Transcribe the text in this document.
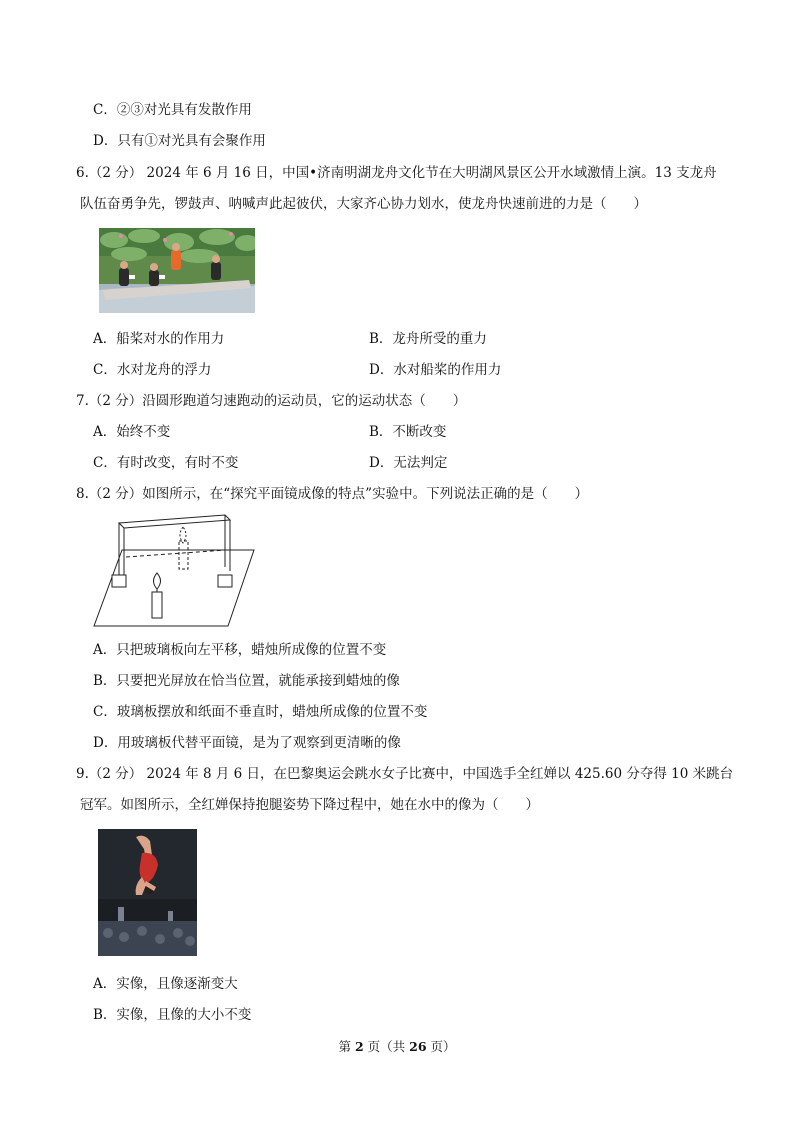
C．②③对光具有发散作用
D．只有①对光具有会聚作用
6.（2 分） 2024 年 6 月 16 日，中国•济南明湖龙舟文化节在大明湖风景区公开水域激情上演。13 支龙舟
队伍奋勇争先，锣鼓声、呐喊声此起彼伏，大家齐心协力划水，使龙舟快速前进的力是（　　）
A．船桨对水的作用力	B．龙舟所受的重力
C．水对龙舟的浮力	D．水对船桨的作用力
7.（2 分）沿圆形跑道匀速跑动的运动员，它的运动状态（　　）
A．始终不变	B．不断改变
C．有时改变，有时不变	D．无法判定
8.（2 分）如图所示，在“探究平面镜成像的特点”实验中。下列说法正确的是（　　）
A．只把玻璃板向左平移，蜡烛所成像的位置不变
B．只要把光屏放在恰当位置，就能承接到蜡烛的像
C．玻璃板摆放和纸面不垂直时，蜡烛所成像的位置不变
D．用玻璃板代替平面镜，是为了观察到更清晰的像
9.（2 分） 2024 年 8 月 6 日，在巴黎奥运会跳水女子比赛中，中国选手全红婵以 425.60 分夺得 10 米跳台
冠军。如图所示，全红婵保持抱腿姿势下降过程中，她在水中的像为（　　）
A．实像，且像逐渐变大
B．实像，且像的大小不变
第 2 页（共 26 页）
